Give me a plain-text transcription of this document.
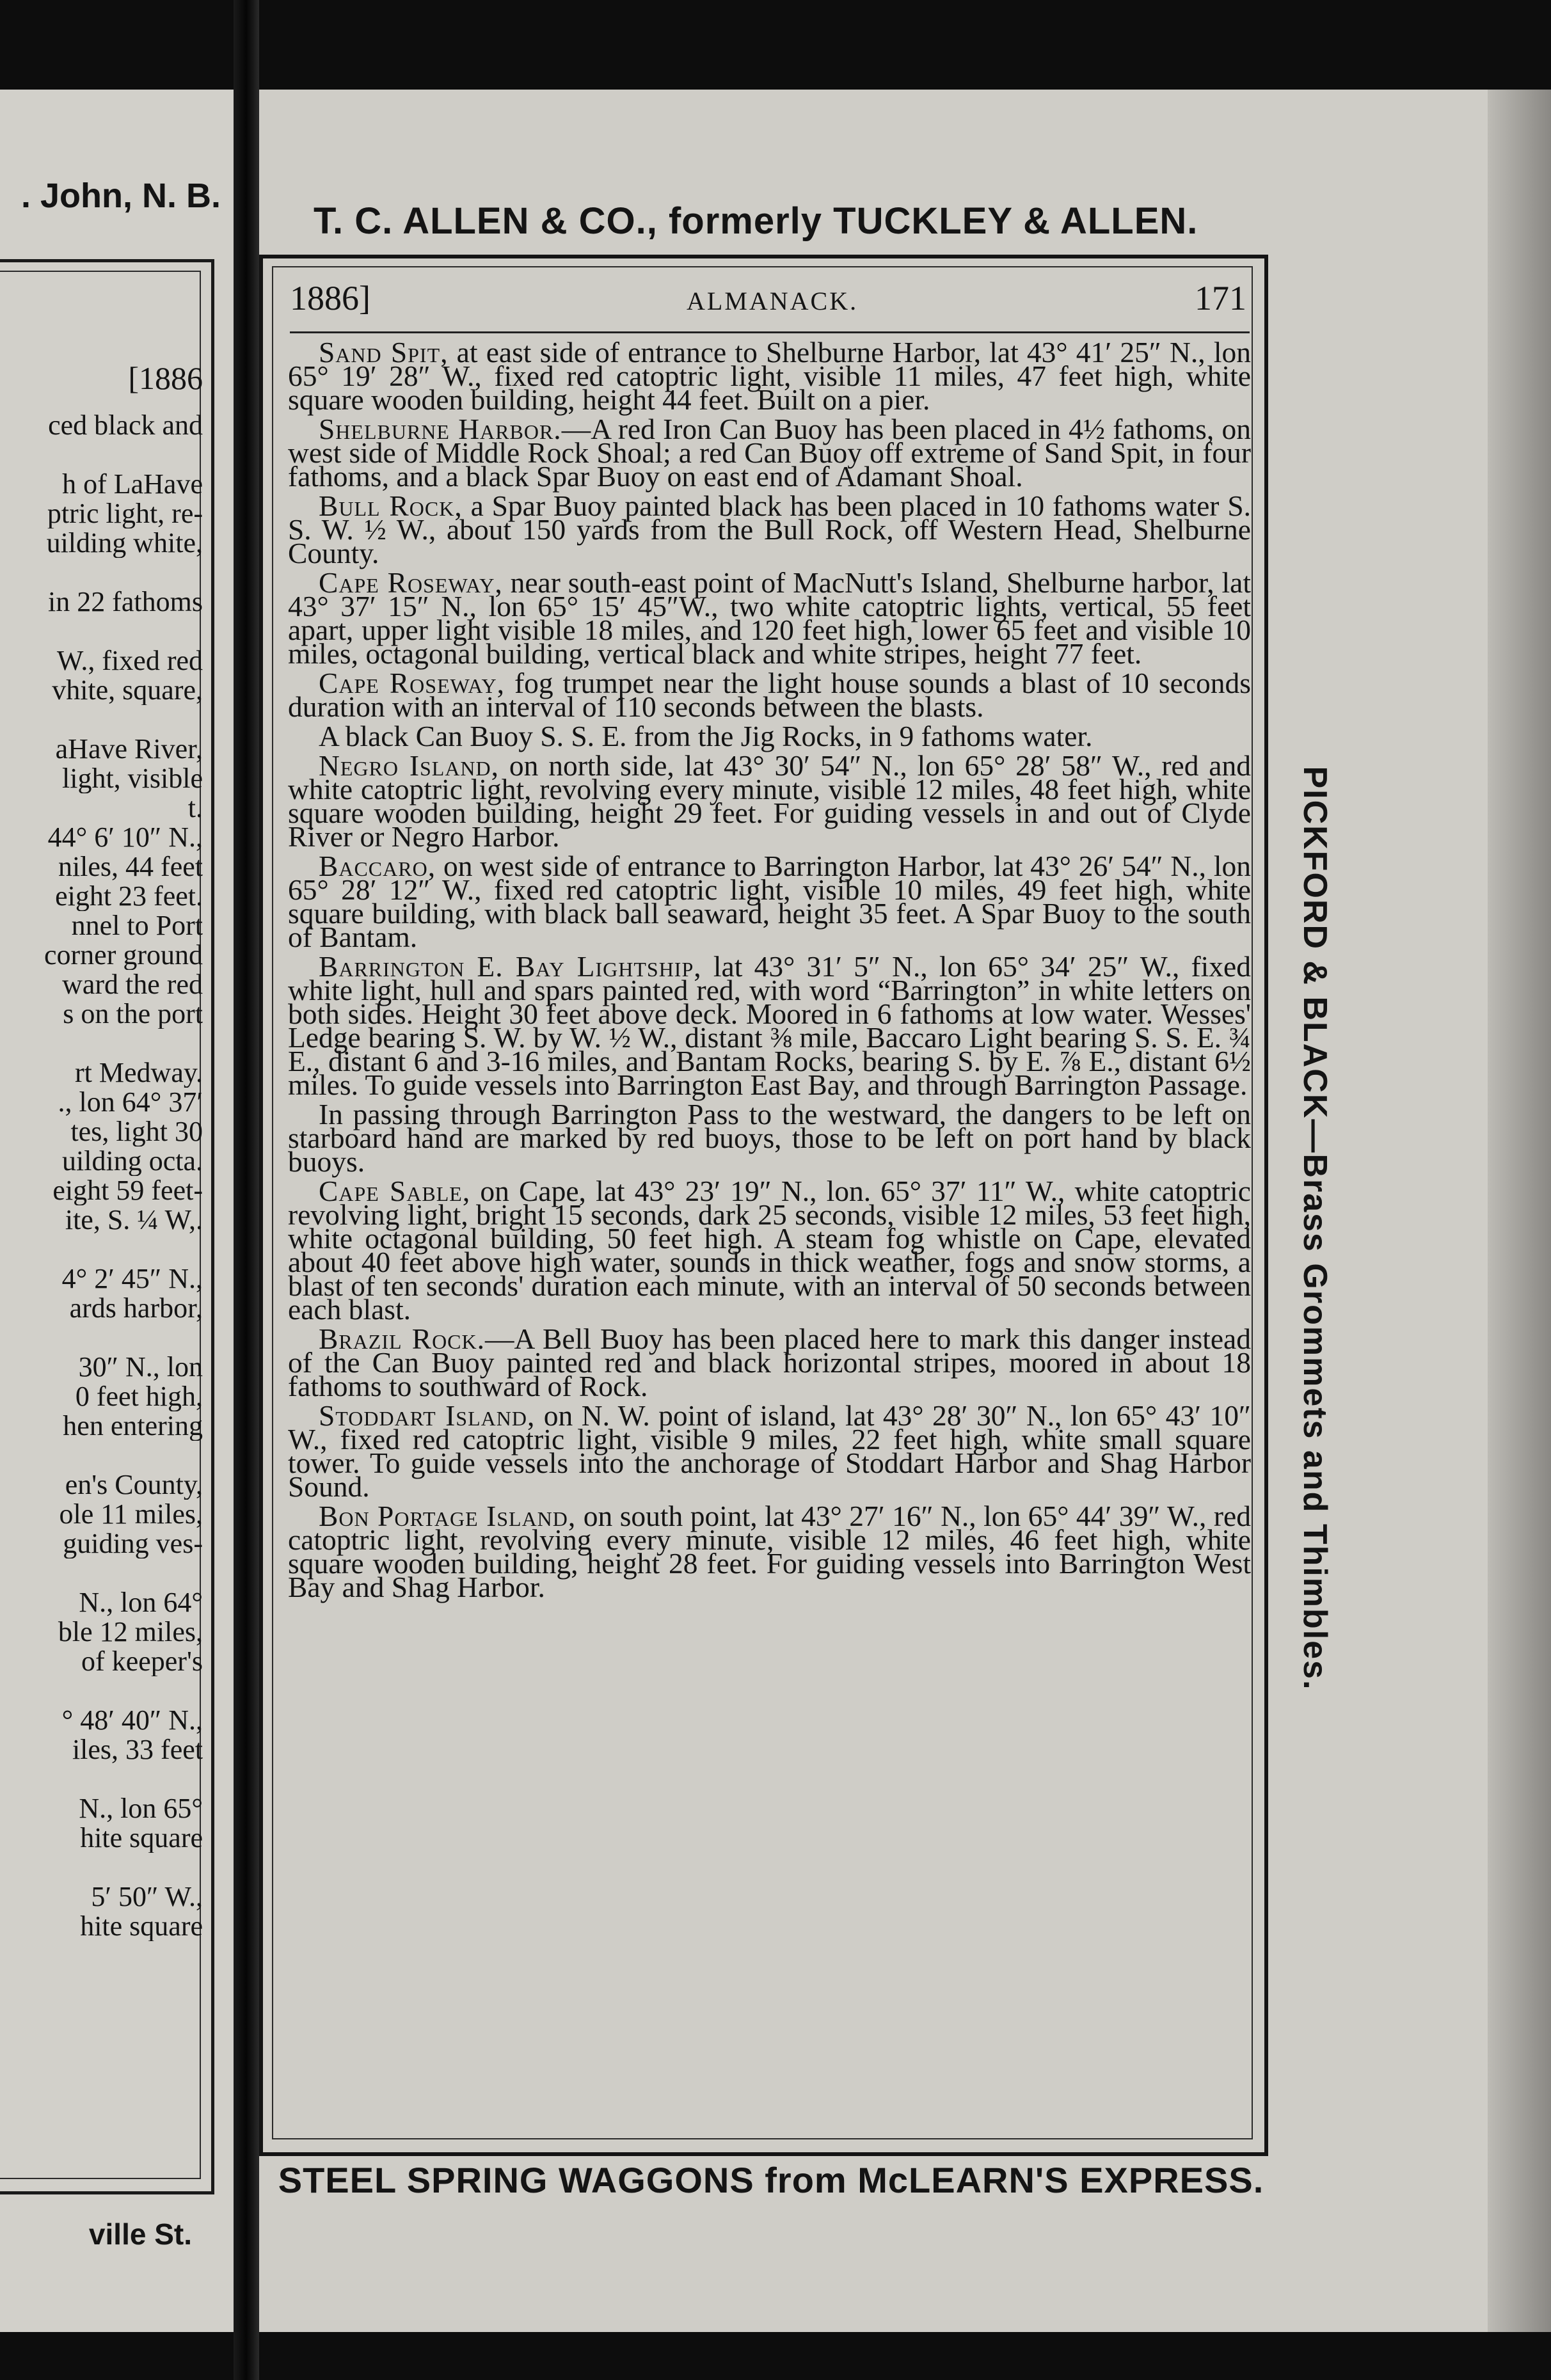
. John, N. B.
[1886
ced black and

h of LaHave
ptric light, re-
uilding white,

in 22 fathoms

W., fixed red
vhite, square,

aHave River,
light, visible
t.
44° 6′ 10″ N.,
niles, 44 feet
eight 23 feet.
nnel to Port
corner ground
ward the red
s on the port

rt Medway.
., lon 64° 37′
tes, light 30
uilding octa.
eight 59 feet-
ite, S. ¼ W,.

4° 2′ 45″ N.,
ards harbor,

30″ N., lon
0 feet high,
hen entering

en's County,
ole 11 miles,
guiding ves-

N., lon 64°
ble 12 miles,
of keeper's

° 48′ 40″ N.,
iles, 33 feet

N., lon 65°
hite square

5′ 50″ W.,
hite square
ville St.
T. C. ALLEN & CO., formerly TUCKLEY & ALLEN.
1886]	ALMANACK.	171

Sand Spit, at east side of entrance to Shelburne Harbor, lat 43° 41′ 25″ N., lon 65° 19′ 28″ W., fixed red catoptric light, visible 11 miles, 47 feet high, white square wooden building, height 44 feet. Built on a pier.

Shelburne Harbor.—A red Iron Can Buoy has been placed in 4½ fathoms, on west side of Middle Rock Shoal; a red Can Buoy off extreme of Sand Spit, in four fathoms, and a black Spar Buoy on east end of Adamant Shoal.

Bull Rock, a Spar Buoy painted black has been placed in 10 fathoms water S. S. W. ½ W., about 150 yards from the Bull Rock, off Western Head, Shelburne County.

Cape Roseway, near south-east point of MacNutt's Island, Shelburne harbor, lat 43° 37′ 15″ N., lon 65° 15′ 45″W., two white catoptric lights, vertical, 55 feet apart, upper light visible 18 miles, and 120 feet high, lower 65 feet and visible 10 miles, octagonal building, vertical black and white stripes, height 77 feet.

Cape Roseway, fog trumpet near the light house sounds a blast of 10 seconds duration with an interval of 110 seconds between the blasts.

A black Can Buoy S. S. E. from the Jig Rocks, in 9 fathoms water.

Negro Island, on north side, lat 43° 30′ 54″ N., lon 65° 28′ 58″ W., red and white catoptric light, revolving every minute, visible 12 miles, 48 feet high, white square wooden building, height 29 feet. For guiding vessels in and out of Clyde River or Negro Harbor.

Baccaro, on west side of entrance to Barrington Harbor, lat 43° 26′ 54″ N., lon 65° 28′ 12″ W., fixed red catoptric light, visible 10 miles, 49 feet high, white square building, with black ball seaward, height 35 feet. A Spar Buoy to the south of Bantam.

Barrington E. Bay Lightship, lat 43° 31′ 5″ N., lon 65° 34′ 25″ W., fixed white light, hull and spars painted red, with word “Barrington” in white letters on both sides. Height 30 feet above deck. Moored in 6 fathoms at low water. Wesses' Ledge bearing S. W. by W. ½ W., distant ⅜ mile, Baccaro Light bearing S. S. E. ¾ E., distant 6 and 3-16 miles, and Bantam Rocks, bearing S. by E. ⅞ E., distant 6½ miles. To guide vessels into Barrington East Bay, and through Barrington Passage.

In passing through Barrington Pass to the westward, the dangers to be left on starboard hand are marked by red buoys, those to be left on port hand by black buoys.

Cape Sable, on Cape, lat 43° 23′ 19″ N., lon. 65° 37′ 11″ W., white catoptric revolving light, bright 15 seconds, dark 25 seconds, visible 12 miles, 53 feet high, white octagonal building, 50 feet high. A steam fog whistle on Cape, elevated about 40 feet above high water, sounds in thick weather, fogs and snow storms, a blast of ten seconds' duration each minute, with an interval of 50 seconds between each blast.

Brazil Rock.—A Bell Buoy has been placed here to mark this danger instead of the Can Buoy painted red and black horizontal stripes, moored in about 18 fathoms to southward of Rock.

Stoddart Island, on N. W. point of island, lat 43° 28′ 30″ N., lon 65° 43′ 10″ W., fixed red catoptric light, visible 9 miles, 22 feet high, white small square tower. To guide vessels into the anchorage of Stoddart Harbor and Shag Harbor Sound.

Bon Portage Island, on south point, lat 43° 27′ 16″ N., lon 65° 44′ 39″ W., red catoptric light, revolving every minute, visible 12 miles, 46 feet high, white square wooden building, height 28 feet. For guiding vessels into Barrington West Bay and Shag Harbor.	PICKFORD & BLACK—Brass Grommets and Thimbles.
STEEL SPRING WAGGONS from McLEARN'S EXPRESS.
